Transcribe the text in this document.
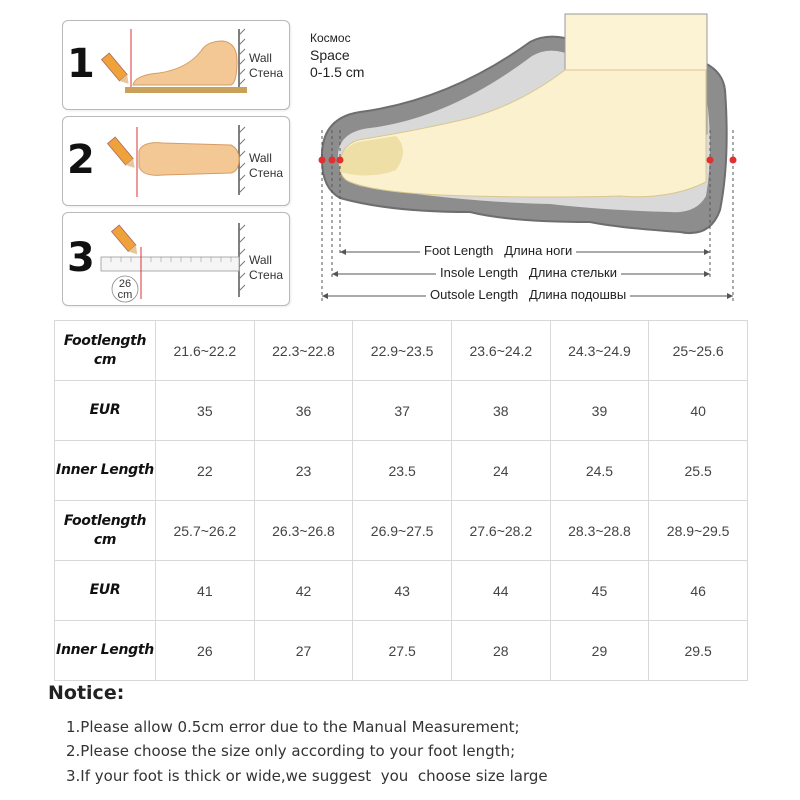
1	Wall
Стена
2	Wall
Стена
3
26
cm
Wall
Стена
Космос
Space
0-1.5 cm
Foot Length Длина ноги
Insole Length Длина стельки
Outsole Length Длина подошвы
Footlength
cm	21.6~22.2	22.3~22.8	22.9~23.5	23.6~24.2	24.3~24.9	25~25.6

EUR	35	36	37	38	39	40

Inner Length	22	23	23.5	24	24.5	25.5

Footlength
cm	25.7~26.2	26.3~26.8	26.9~27.5	27.6~28.2	28.3~28.8	28.9~29.5

EUR	41	42	43	44	45	46

Inner Length	26	27	27.5	28	29	29.5
Notice:
1.Please allow 0.5cm error due to the Manual Measurement;
2.Please choose the size only according to your foot length;
3.If your foot is thick or wide,we suggest  you  choose size large
